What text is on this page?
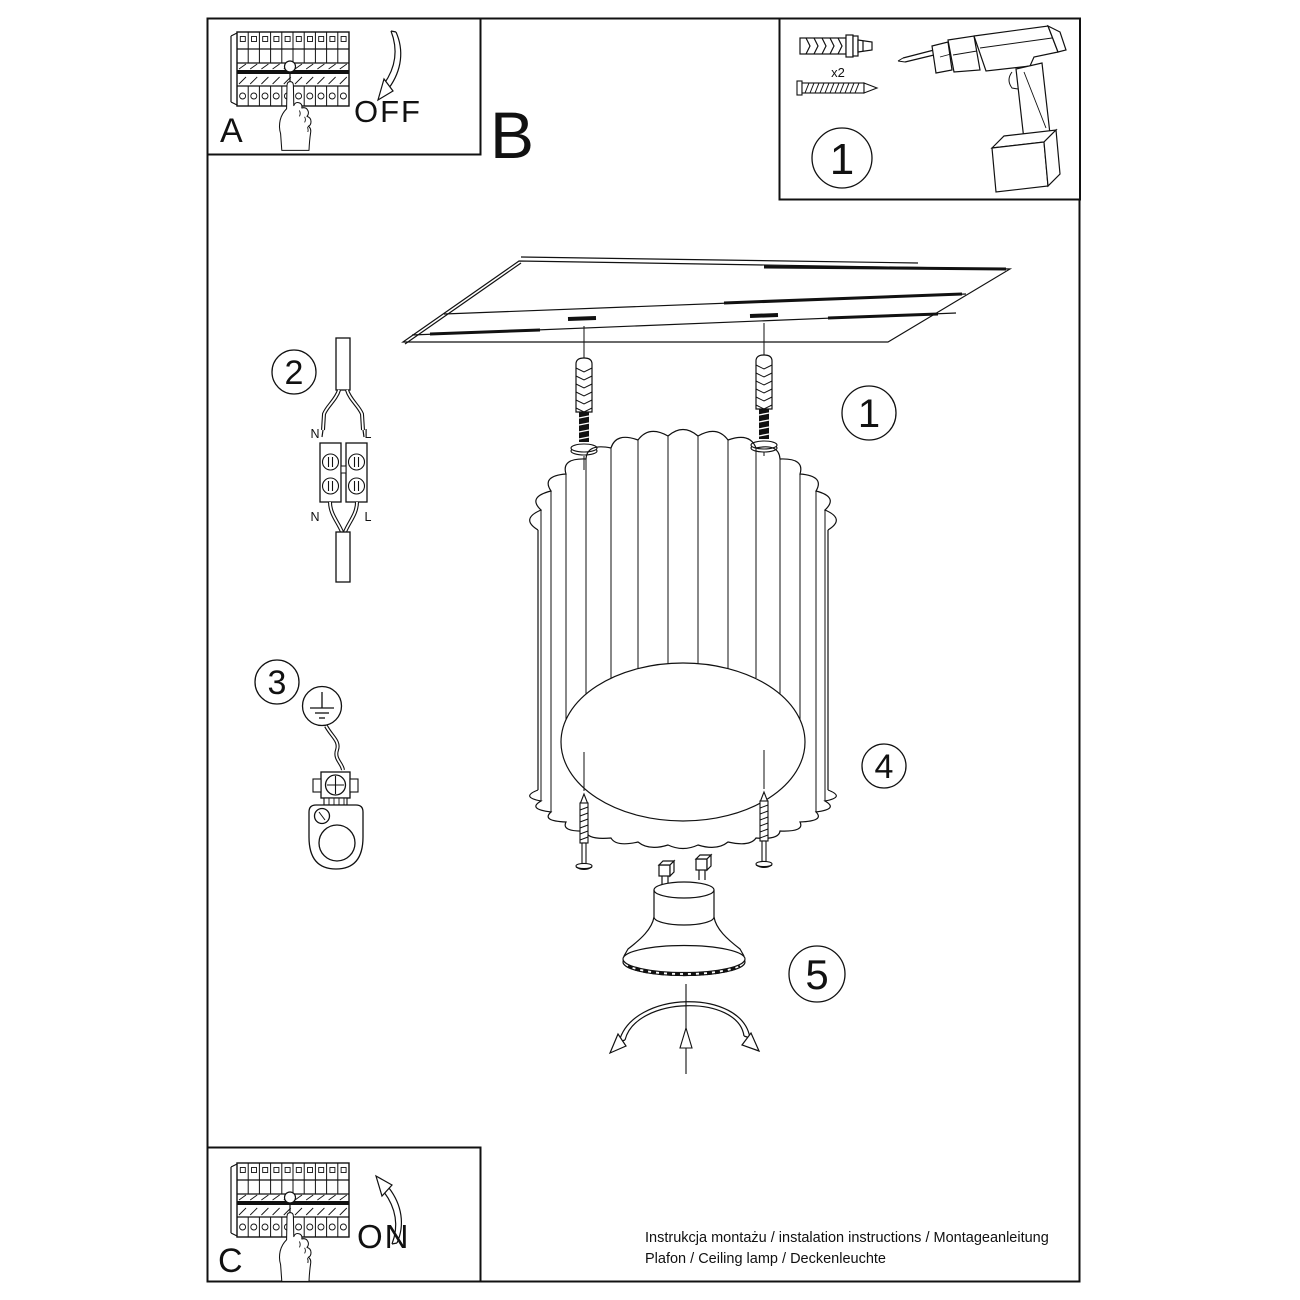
1
2
3
4
5
N	L
N	L
A
OFF B
C
ON
x2
1
Instrukcja montażu / instalation instructions / Montageanleitung
Plafon / Ceiling lamp / Deckenleuchte
